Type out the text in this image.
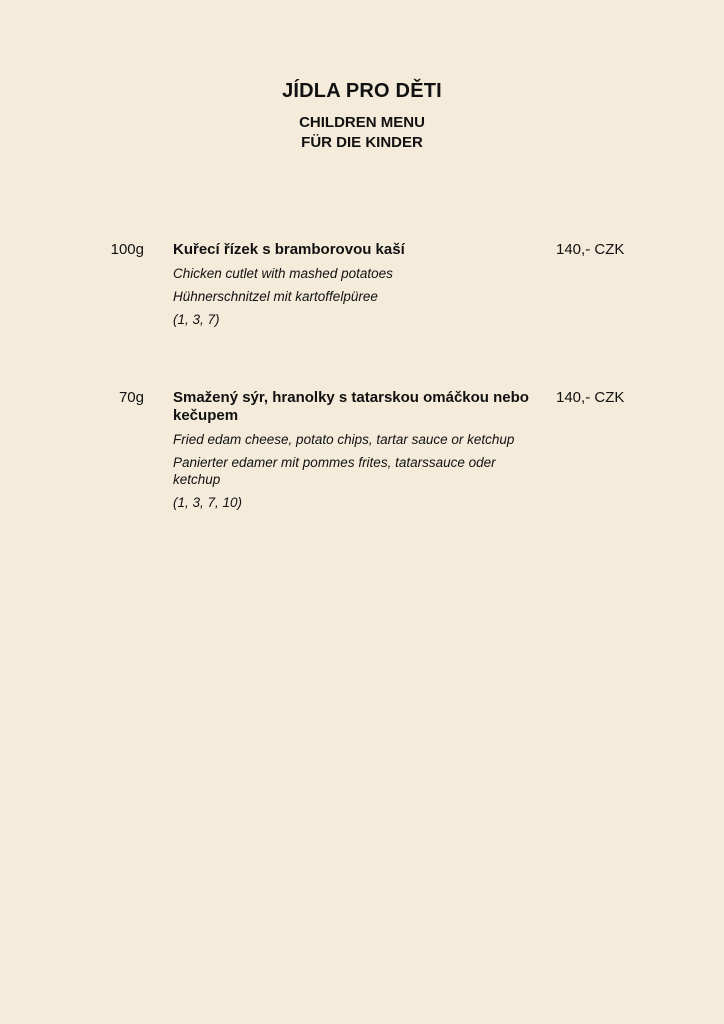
JÍDLA PRO DĚTI
CHILDREN MENU
FÜR DIE KINDER
100g Kuřecí řízek s bramborovou kaší

Chicken cutlet with mashed potatoes

Hühnerschnitzel mit kartoffelpüree

(1, 3, 7)

140,- CZK
70g Smažený sýr, hranolky s tatarskou omáčkou nebo kečupem

Fried edam cheese, potato chips, tartar sauce or ketchup

Panierter edamer mit pommes frites, tatarssauce oder ketchup

(1, 3, 7, 10)

140,- CZK
